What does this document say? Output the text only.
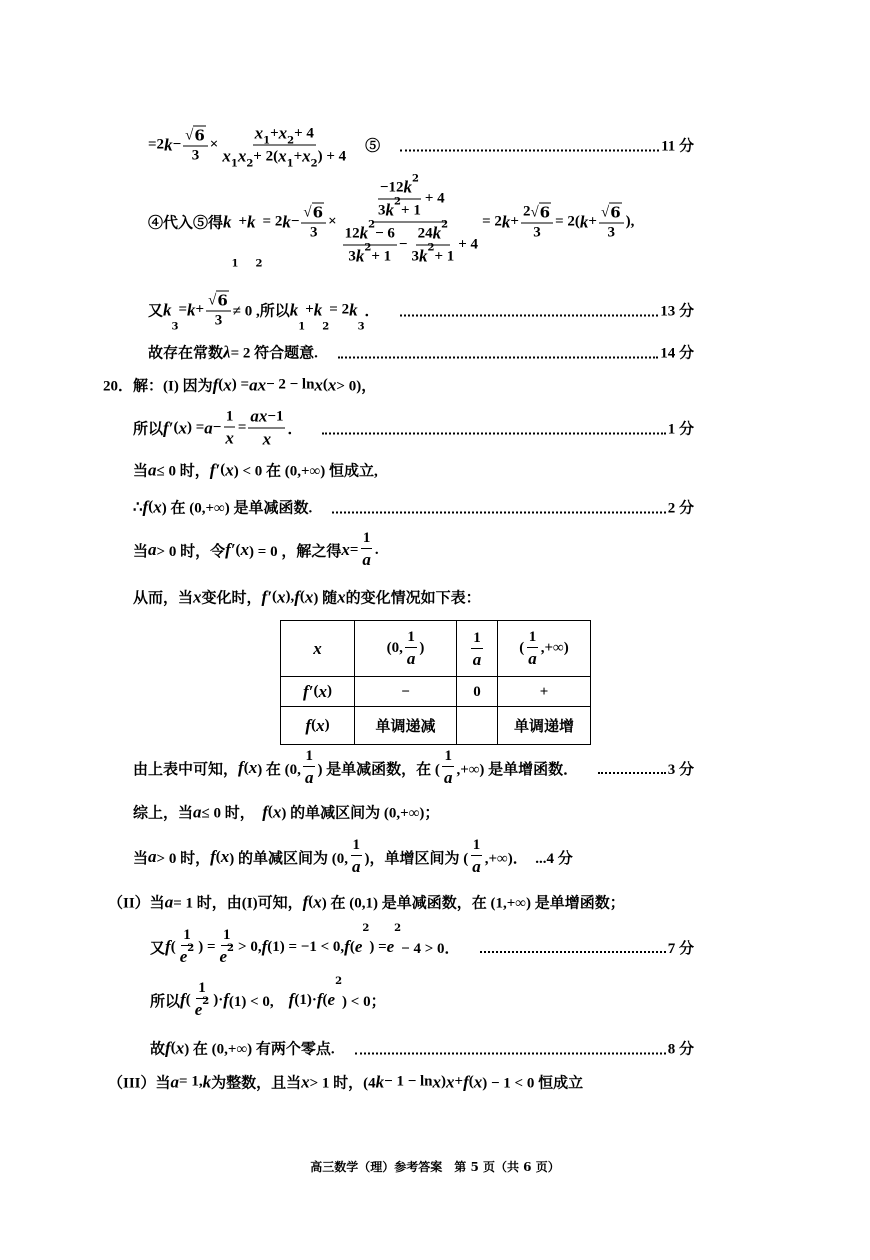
=2 $k - \frac{√ 6}{3} \times \frac{x 1 + x 2 + 4}{x 1 x 2 + 2( x 1 + x 2 ) + 4}$ 　⑤	11 分
④代入⑤得 k
1
+ k
2
= 2 $k - \frac{√ 6}{3} \times \frac{\frac{-12 k 2}{3 k 2 + 1} + 4}{\frac{12 k 2 - 6}{3 k 2 + 1} - \frac{24 k 2}{3 k 2 + 1} + 4} = 2$ $k + \frac{2 √ 6}{3} = 2$( $k + \frac{√ 6}{3}$ ),
又 k
3
= $k + \frac{√ 6}{3} \ne 0$ ,所以 k
1
+ k
2
= 2 k
3
．	13 分
故存在常数 λ = 2 符合题意.	14 分
20．解：(I) 因为 f ( x ) = ax − 2 − ln x ( x > 0)，
所以 f′ ( x ) = $a - \frac{1}{x} = \frac{ax -1}{x}$ ．	1 分
当 a ≤ 0 时， f′ ( x ) < 0 在 (0,+∞) 恒成立,
∴ f ( x ) 在 (0,+∞) 是单减函数.	2 分
当 a > 0 时，令 f′ ( x ) = 0 ，解之得 $x = \frac{1}{a}$ .
从而，当 x 变化时， f′ ( x ), f ( x ) 随 x 的变化情况如下表：
x	(0, $\frac{1}{a}$ )	$\frac{1}{a}$	( $\frac{1}{a}$ ,+∞)

f′ ( x )	−	0	+

f ( x )	单调递减		单调递增
由上表中可知， f ( x ) 在 (0, $\frac{1}{a}$ ) 是单减函数，在 ( $\frac{1}{a}$ ,+∞) 是单增函数．	3 分
综上，当 a ≤ 0 时，　 f ( x ) 的单减区间为 (0,+∞)；
当 a > 0 时， f ( x ) 的单减区间为 (0, $\frac{1}{a}$ )，单增区间为 ( $\frac{1}{a}$ ,+∞)．　...4 分
（II）当 a = 1 时，由(I)可知， f ( x ) 在 (0,1) 是单减函数，在 (1,+∞) 是单增函数；
又 f ( $\frac{1}{e 2}$ ) = $\frac{1}{e 2} > 0$, f (1) = −1 < 0, f ( e
2
) = e
2
− 4 > 0．	7 分
所以 f ( $\frac{1}{e 2}$ )· f (1) < 0,　 f (1)· f ( e
2
) < 0；
故 f ( x ) 在 (0,+∞) 有两个零点.	8 分
（III）当 a = 1, k 为整数，且当 x > 1 时，(4 k − 1 − ln x ) x + f ( x ) − 1 < 0 恒成立
高三数学（理）参考答案　第 5 页（共 6 页）
